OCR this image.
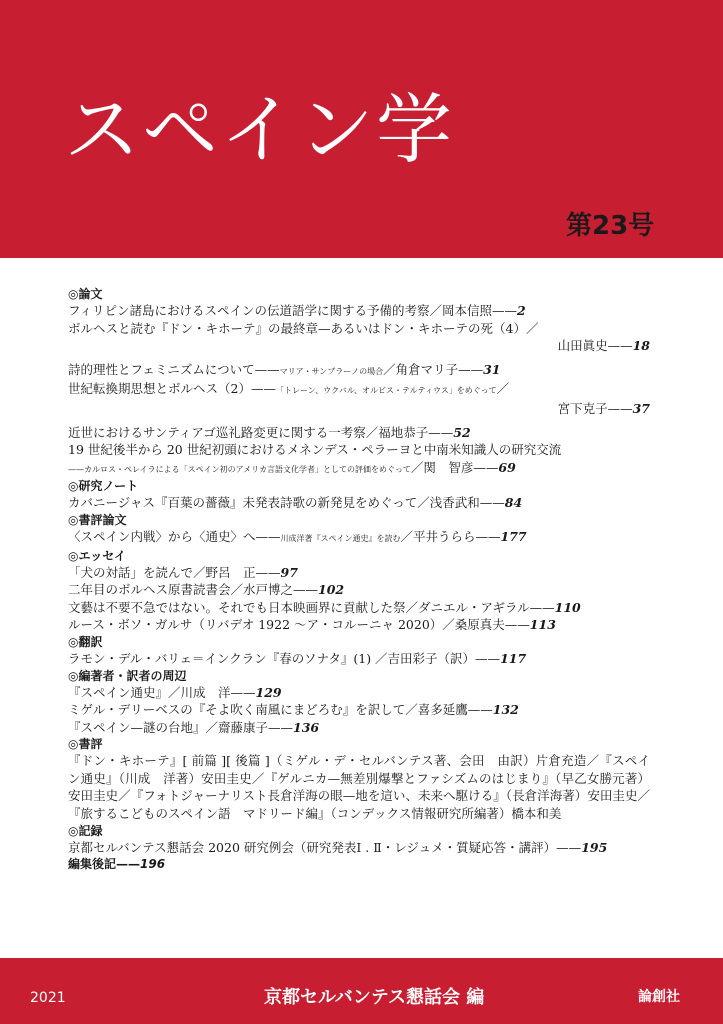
スペイン学
第23号
◎論文
フィリピン諸島におけるスペインの伝道語学に関する予備的考察／岡本信照——2
ボルヘスと読む『ドン・キホーテ』の最終章—あるいはドン・キホーテの死（4）／
山田眞史——18
詩的理性とフェミニズムについて——マリア・サンブラーノの場合／角倉マリ子——31
世紀転換期思想とボルヘス（2）——「トレーン、ウクバル、オルビス・テルティウス」をめぐって／
宮下克子——37
近世におけるサンティアゴ巡礼路変更に関する一考察／福地恭子——52
19 世紀後半から 20 世紀初頭におけるメネンデス・ペラーヨと中南米知識人の研究交流
——カルロス・ペレイラによる「スペイン初のアメリカ言語文化学者」としての評価をめぐって／関　智彦——69
◎研究ノート
カバニージャス『百葉の薔薇』未発表詩歌の新発見をめぐって／浅香武和——84
◎書評論文
〈スペイン内戦〉から〈通史〉へ——川成洋著『スペイン通史』を読む／平井うらら——177
◎エッセイ
「犬の対話」を読んで／野呂　正——97
二年目のボルヘス原書読書会／水戸博之——102
文藝は不要不急ではない。それでも日本映画界に貢献した祭／ダニエル・アギラル——110
ルース・ボソ・ガルサ（リバデオ 1922 ～ア・コルーニャ 2020）／桑原真夫——113
◎翻訳
ラモン・デル・バリェ＝インクラン『春のソナタ』(1) ／吉田彩子（訳）——117
◎編著者・訳者の周辺
『スペイン通史』／川成　洋——129
ミゲル・デリーベスの『そよ吹く南風にまどろむ』を訳して／喜多延鷹——132
『スペイン—謎の台地』／齋藤康子——136
◎書評
『ドン・キホーテ』[ 前篇 ][ 後篇 ]（ミゲル・デ・セルバンテス著、会田　由訳）片倉充造／『スペイン通史』（川成　洋著）安田圭史／『ゲルニカ—無差別爆撃とファシズムのはじまり』（早乙女勝元著）安田圭史／『フォトジャーナリスト長倉洋海の眼—地を這い、未来へ駆ける』（長倉洋海著）安田圭史／『旅するこどものスペイン語　マドリード編』（コンデックス情報研究所編著）橋本和美
◎記録
京都セルバンテス懇話会 2020 研究例会（研究発表Ⅰ . Ⅱ・レジュメ・質疑応答・講評）——195
編集後記——196
2021	京都セルバンテス懇話会 編	論創社
